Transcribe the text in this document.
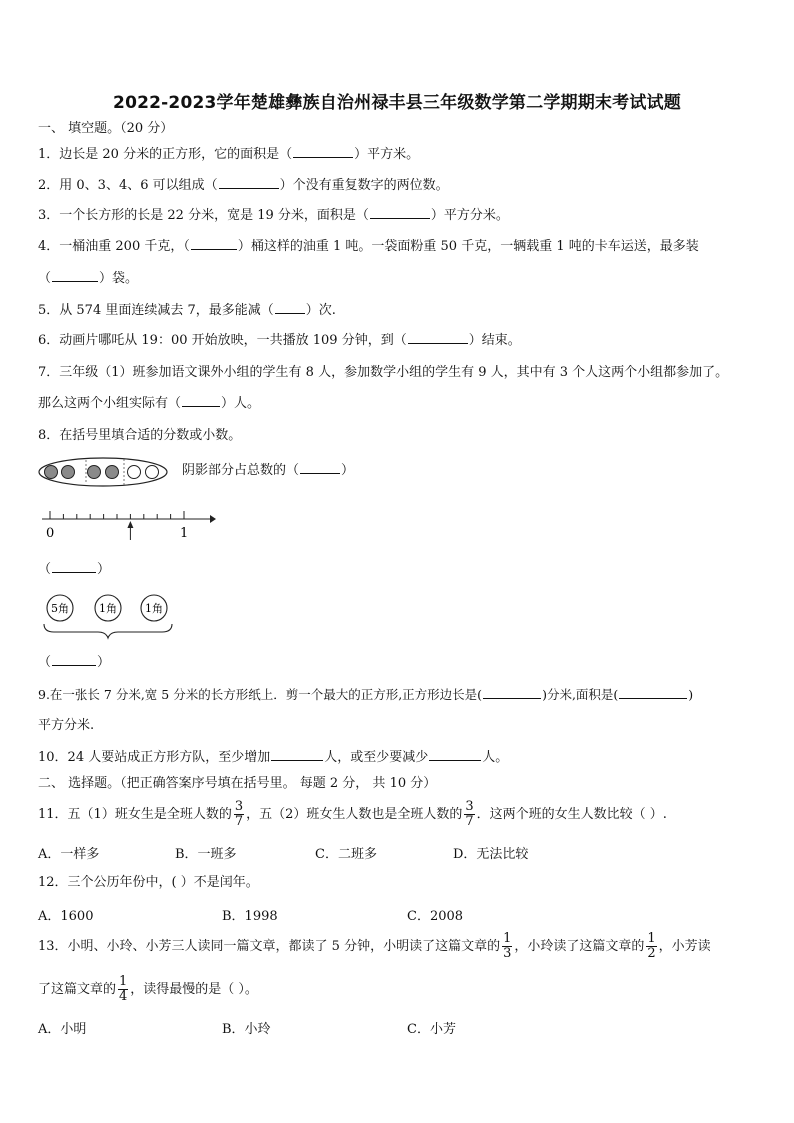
2022-2023学年楚雄彝族自治州禄丰县三年级数学第二学期期末考试试题
一、 填空题。（20 分）
1．边长是 20 分米的正方形，它的面积是（	）平方米。
2．用 0、3、4、6 可以组成（	）个没有重复数字的两位数。
3．一个长方形的长是 22 分米，宽是 19 分米，面积是（	）平方分米。
4．一桶油重 200 千克，（	）桶这样的油重 1 吨。一袋面粉重 50 千克，一辆载重 1 吨的卡车运送，最多装
（	）袋。
5．从 574 里面连续减去 7，最多能减（ ）次.
6．动画片哪吒从 19：00 开始放映，一共播放 109 分钟，到（	）结束。
7．三年级（1）班参加语文课外小组的学生有 8 人，参加数学小组的学生有 9 人，其中有 3 个人这两个小组都参加了。
那么这两个小组实际有（	）人。
8．在括号里填合适的分数或小数。
阴影部分占总数的（	）
0	1
（	）
5角	1角	1角
（	）
9.在一张长 7 分米,宽 5 分米的长方形纸上．剪一个最大的正方形,正方形边长是(	)分米,面积是(	)
平方分米.
10．24 人要站成正方形方队，至少增加	人，或至少要减少	人。
二、 选择题。（把正确答案序号填在括号里。 每题 2 分， 共 10 分）
11．五（1）班女生是全班人数的 $\frac{3}{7}$ ，五（2）班女生人数也是全班人数的 $\frac{3}{7}$ ．这两个班的女生人数比较（ ）.
A．一样多	B．一班多	C．二班多	D．无法比较
12．三个公历年份中，( ）不是闰年。
A．1600	B．1998	C．2008
13．小明、小玲、小芳三人读同一篇文章，都读了 5 分钟，小明读了这篇文章的 $\frac{1}{3}$ ，小玲读了这篇文章的 $\frac{1}{2}$ ，小芳读
了这篇文章的 $\frac{1}{4}$ ，读得最慢的是（ ）。
A．小明	B．小玲	C．小芳
